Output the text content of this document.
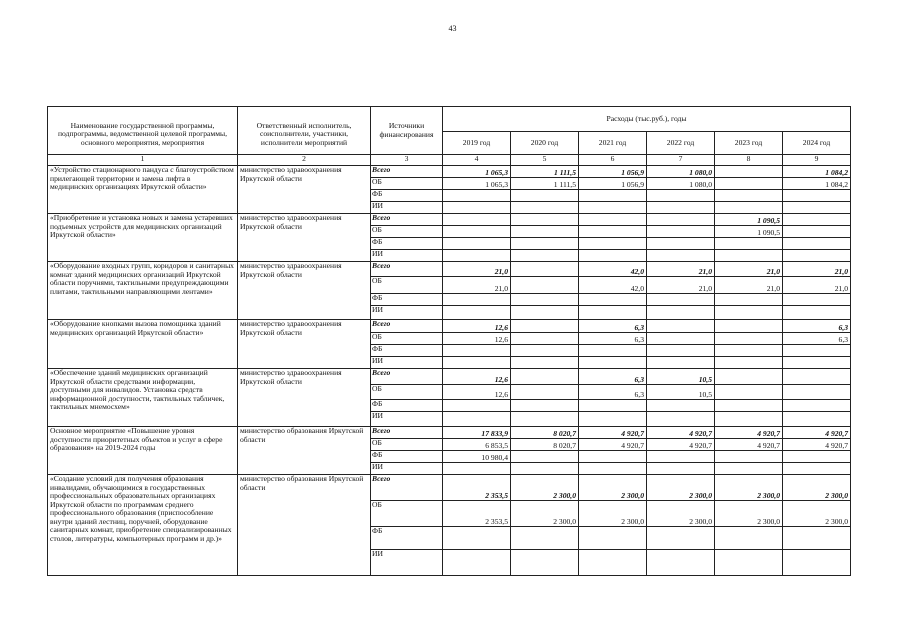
43
Наименование государственной программы, подпрограммы, ведомственной целевой программы, основного мероприятия, мероприятия	Ответственный исполнитель, соисполнители, участники, исполнители мероприятий	Источники финансирования	Расходы (тыс.руб.), годы					
			2019 год	2020 год	2021 год	2022 год	2023 год	2024 год
1	2	3	4	5	6	7	8	9
«Устройство стационарного пандуса с благоустройством прилегающей территории и замена лифта в медицинских организациях Иркутской области»	министерство здравоохранения Иркутской области	Всего	1 065,3	1 111,5	1 056,9	1 080,0		1 084,2
		ОБ	1 065,3	1 111,5	1 056,9	1 080,0		1 084,2
		ФБ						
		ИИ						
«Приобретение и установка новых и замена устаревших подъемных устройств для медицинских организаций Иркутской области»	министерство здравоохранения Иркутской области	Всего					1 090,5	
		ОБ					1 090,5	
		ФБ						
		ИИ						
«Оборудование входных групп, коридоров и санитарных комнат зданий медицинских организаций Иркутской области поручнями, тактильными предупреждающими плитами, тактильными направляющими лентами»	министерство здравоохранения Иркутской области	Всего	21,0		42,0	21,0	21,0	21,0
		ОБ	21,0		42,0	21,0	21,0	21,0
		ФБ						
		ИИ						
«Оборудование кнопками вызова помощника зданий медицинских организаций Иркутской области»	министерство здравоохранения Иркутской области	Всего	12,6		6,3			6,3
		ОБ	12,6		6,3			6,3
		ФБ						
		ИИ						
«Обеспечение зданий медицинских организаций Иркутской области средствами информации, доступными для инвалидов. Установка средств информационной доступности, тактильных табличек, тактильных мнемосхем»	министерство здравоохранения Иркутской области	Всего	12,6		6,3	10,5		
		ОБ	12,6		6,3	10,5		
		ФБ						
		ИИ						
Основное мероприятие «Повышение уровня доступности приоритетных объектов и услуг в сфере образования» на 2019-2024 годы	министерство образования Иркутской области	Всего	17 833,9	8 020,7	4 920,7	4 920,7	4 920,7	4 920,7
		ОБ	6 853,5	8 020,7	4 920,7	4 920,7	4 920,7	4 920,7
		ФБ	10 980,4					
		ИИ						
«Создание условий для получения образования инвалидами, обучающимися в государственных профессиональных образовательных организациях Иркутской области по программам среднего профессионального образования (приспособление внутри зданий лестниц, поручней, оборудование санитарных комнат, приобретение специализированных столов, литературы, компьютерных программ и др.)»	министерство образования Иркутской области	Всего	2 353,5	2 300,0	2 300,0	2 300,0	2 300,0	2 300,0
		ОБ	2 353,5	2 300,0	2 300,0	2 300,0	2 300,0	2 300,0
		ФБ						
		ИИ						
